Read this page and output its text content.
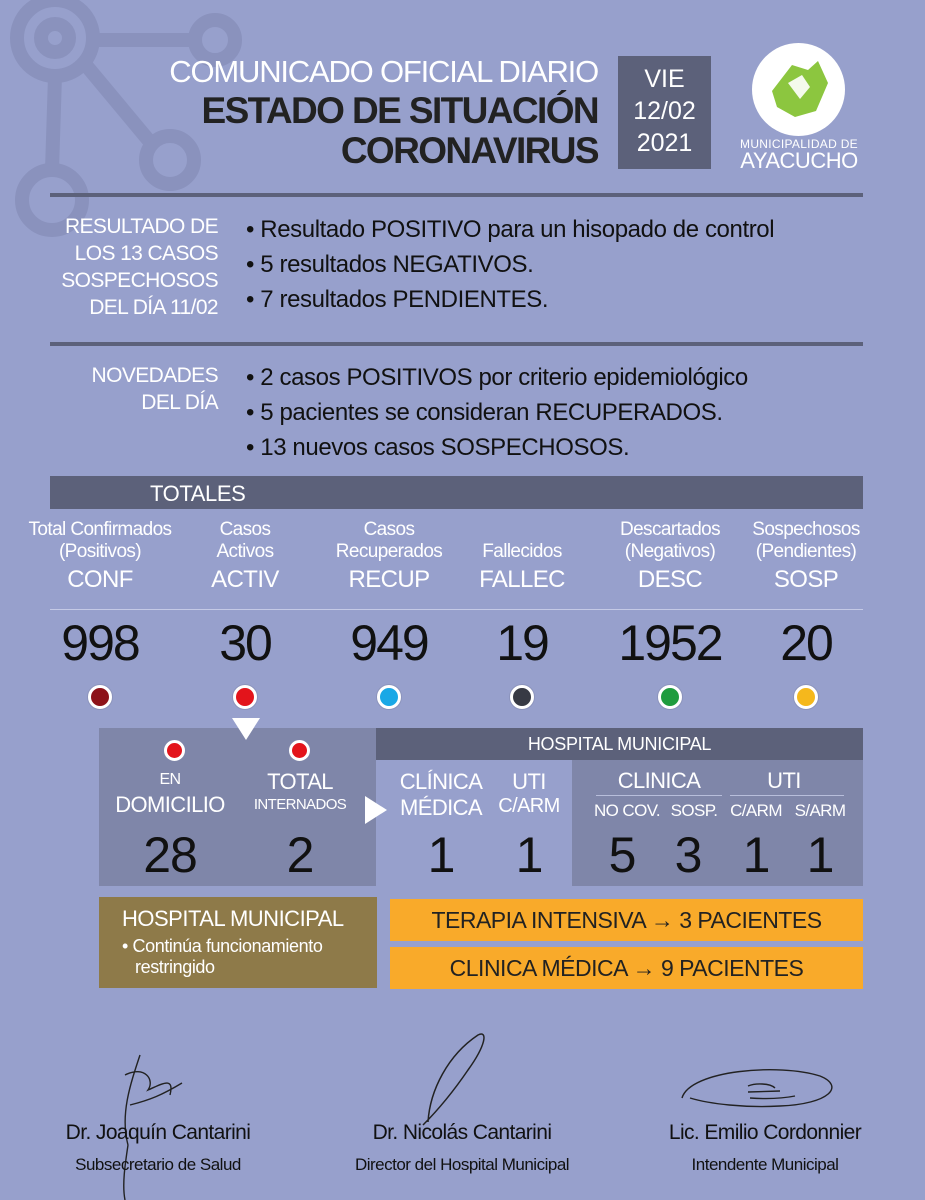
COMUNICADO OFICIAL DIARIO
ESTADO DE SITUACIÓN
CORONAVIRUS
VIE
12/02
2021	MUNICIPALIDAD DE
AYACUCHO
RESULTADO DE
LOS 13 CASOS
SOSPECHOSOS
DEL DÍA 11/02
• Resultado POSITIVO para un hisopado de control
• 5 resultados NEGATIVOS.
• 7 resultados PENDIENTES.
NOVEDADES
DEL DÍA
• 2 casos POSITIVOS por criterio epidemiológico
• 5 pacientes se consideran RECUPERADOS.
• 13 nuevos casos SOSPECHOSOS.
TOTALES
Total Confirmados
(Positivos)
CONF
998
Casos
Activos
ACTIV
30
Casos
Recuperados
RECUP
949

Fallecidos
FALLEC
19
Descartados
(Negativos)
DESC
1952
Sospechosos
(Pendientes)
SOSP
20
HOSPITAL MUNICIPAL
EN
DOMICILIO
28
TOTAL
INTERNADOS
2
CLÍNICA
MÉDICA
1
UTI
C/ARM
1
CLINICA
NO COV. SOSP.
5 3
UTI
C/ARM S/ARM
1 1
HOSPITAL MUNICIPAL
• Continúa funcionamiento
restringido
TERAPIA INTENSIVA → 3 PACIENTES
CLINICA MÉDICA → 9 PACIENTES
Dr. Joaquín Cantarini
Subsecretario de Salud
Dr. Nicolás Cantarini
Director del Hospital Municipal
Lic. Emilio Cordonnier
Intendente Municipal
